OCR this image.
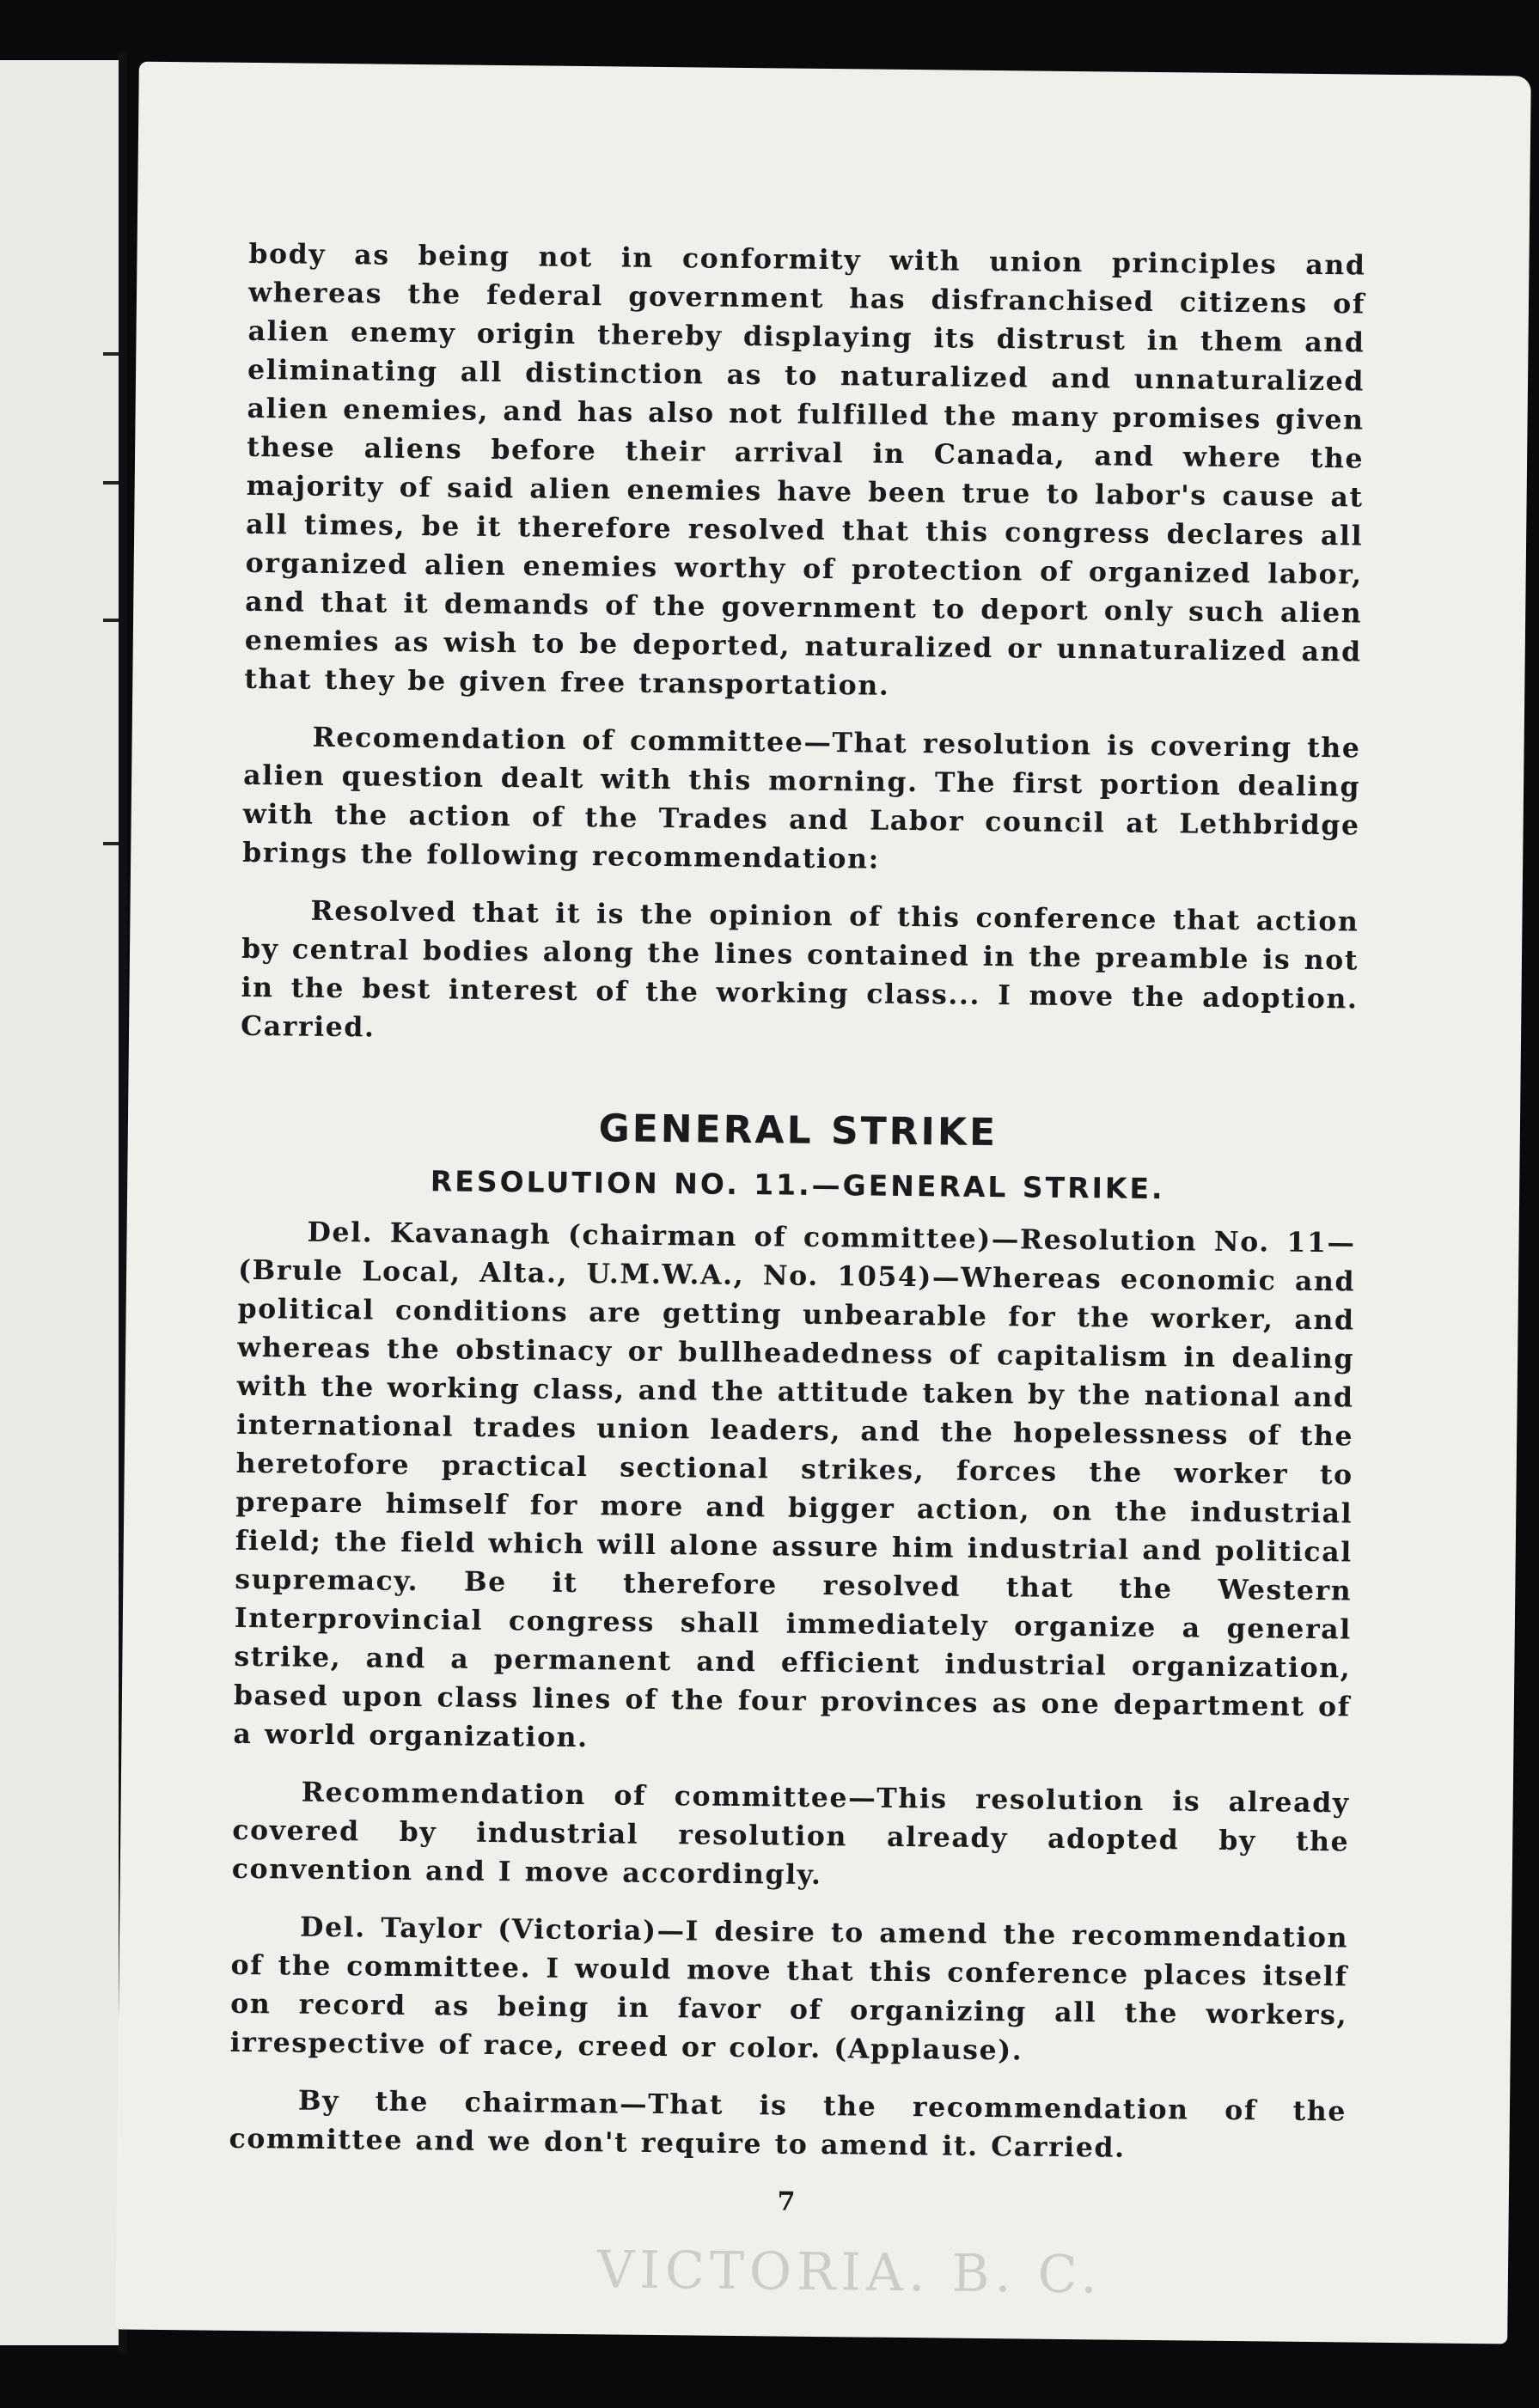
body as being not in conformity with union principles and whereas the federal government has disfranchised citizens of alien enemy origin thereby displaying its distrust in them and eliminating all distinction as to naturalized and unnaturalized alien enemies, and has also not fulfilled the many promises given these aliens before their arrival in Canada, and where the majority of said alien enemies have been true to labor's cause at all times, be it therefore resolved that this congress declares all organized alien enemies worthy of protection of organized labor, and that it demands of the government to deport only such alien enemies as wish to be deported, naturalized or unnaturalized and that they be given free transportation.

Recomendation of committee—That resolution is covering the alien question dealt with this morning. The first portion dealing with the action of the Trades and Labor council at Lethbridge brings the following recommendation:

Resolved that it is the opinion of this conference that action by central bodies along the lines contained in the preamble is not in the best interest of the working class... I move the adoption. Carried.

GENERAL STRIKE
RESOLUTION NO. 11.—GENERAL STRIKE.

Del. Kavanagh (chairman of committee)—Resolution No. 11—(Brule Local, Alta., U.M.W.A., No. 1054)—Whereas economic and political conditions are getting unbearable for the worker, and whereas the obstinacy or bullheadedness of capitalism in dealing with the working class, and the attitude taken by the national and international trades union leaders, and the hopelessness of the heretofore practical sectional strikes, forces the worker to prepare himself for more and bigger action, on the industrial field; the field which will alone assure him industrial and political supremacy. Be it therefore resolved that the Western Interprovincial congress shall immediately organize a general strike, and a permanent and efficient industrial organization, based upon class lines of the four provinces as one department of a world organization.

Recommendation of committee—This resolution is already covered by industrial resolution already adopted by the convention and I move accordingly.

Del. Taylor (Victoria)—I desire to amend the recommendation of the committee. I would move that this conference places itself on record as being in favor of organizing all the workers, irrespective of race, creed or color. (Applause).

By the chairman—That is the recommendation of the committee and we don't require to amend it. Carried.

7
VICTORIA. B. C.
